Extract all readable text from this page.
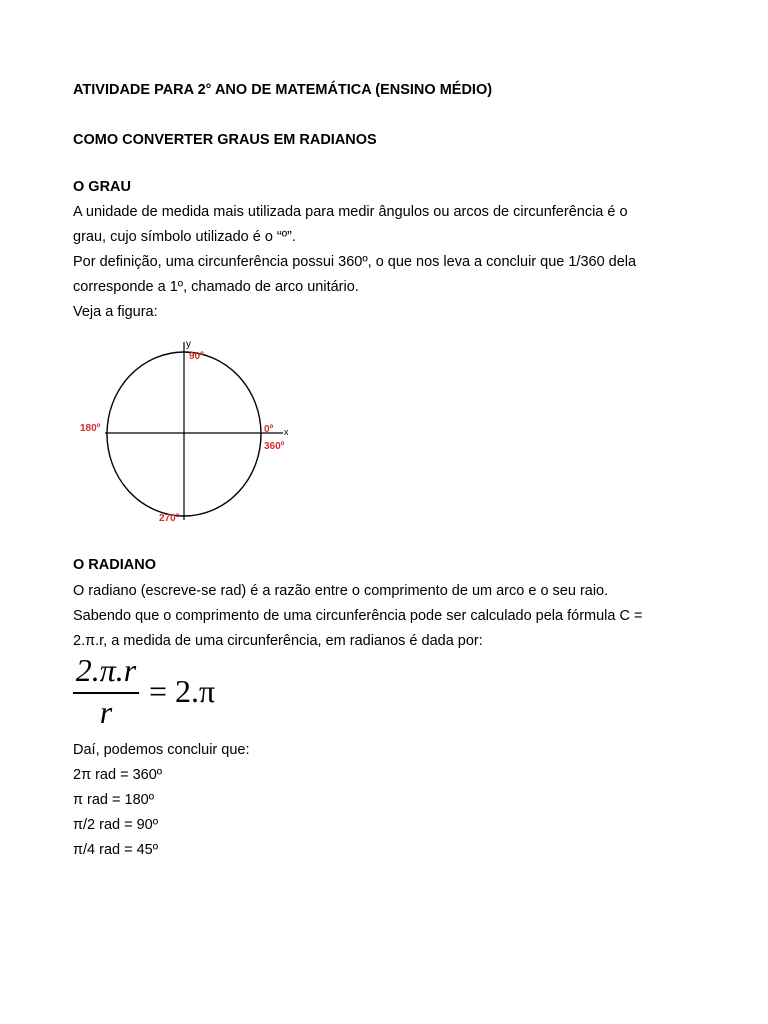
ATIVIDADE PARA 2° ANO DE MATEMÁTICA (ENSINO MÉDIO)
COMO CONVERTER GRAUS EM RADIANOS
O GRAU
A unidade de medida mais utilizada para medir ângulos ou arcos de circunferência é o
grau, cujo símbolo utilizado é o “º”.
Por definição, uma circunferência possui 360º, o que nos leva a concluir que 1/360 dela
corresponde a 1º, chamado de arco unitário.
Veja a figura:
y
x
90º
180º	0º
360º
270º
O RADIANO
O radiano (escreve-se rad) é a razão entre o comprimento de um arco e o seu raio.
Sabendo que o comprimento de uma circunferência pode ser calculado pela fórmula C =
2.π.r, a medida de uma circunferência, em radianos é dada por:
2.π.r
r
= 2.π
Daí, podemos concluir que:
2π rad = 360º
π rad = 180º
π/2 rad = 90º
π/4 rad = 45º
